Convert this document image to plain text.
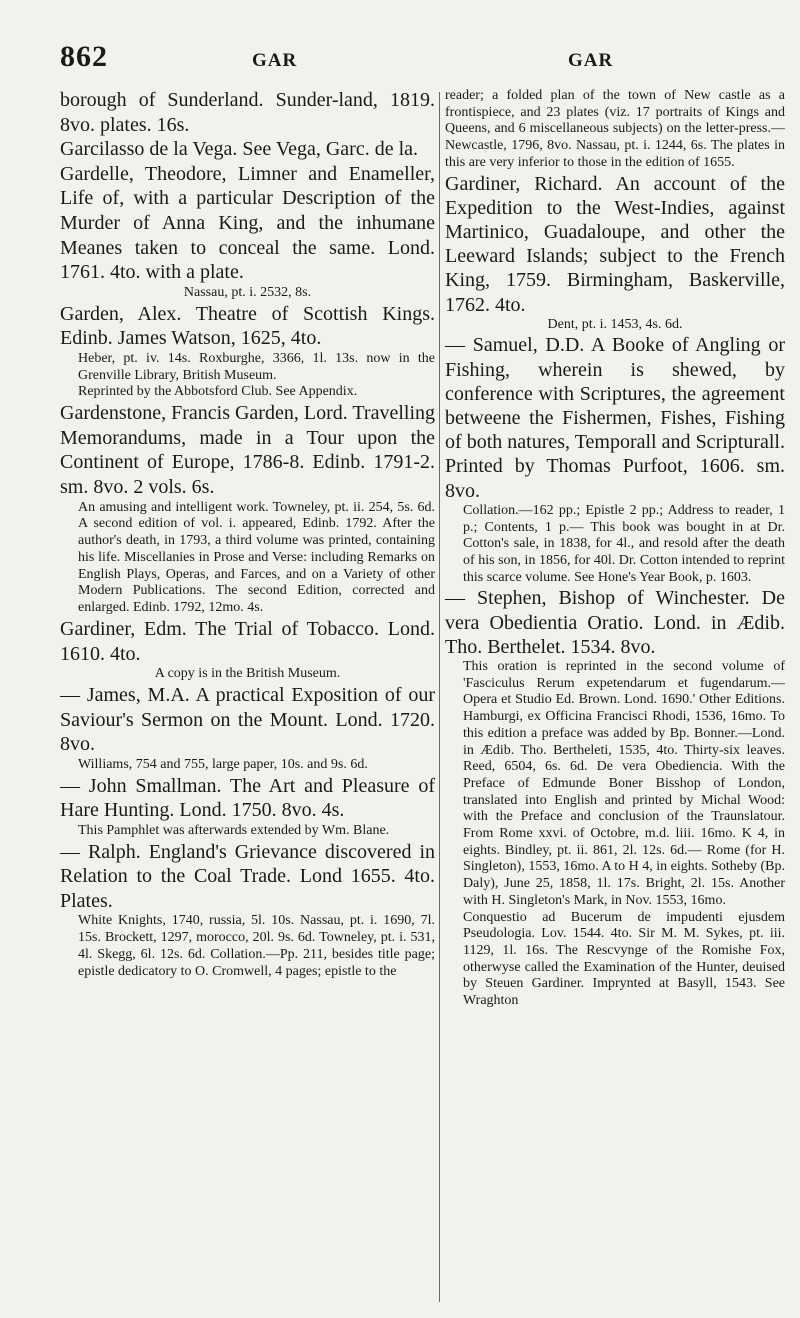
862	GAR	GAR

borough of Sunderland. Sunder-land, 1819. 8vo. plates. 16s.

Garcilasso de la Vega. See Vega, Garc. de la.

Gardelle, Theodore, Limner and Enameller, Life of, with a particular Description of the Murder of Anna King, and the inhumane Meanes taken to conceal the same. Lond. 1761. 4to. with a plate.

Nassau, pt. i. 2532, 8s.

Garden, Alex. Theatre of Scottish Kings. Edinb. James Watson, 1625, 4to.

Heber, pt. iv. 14s. Roxburghe, 3366, 1l. 13s. now in the Grenville Library, British Museum.

Reprinted by the Abbotsford Club. See Appendix.

Gardenstone, Francis Garden, Lord. Travelling Memorandums, made in a Tour upon the Continent of Europe, 1786-8. Edinb. 1791-2. sm. 8vo. 2 vols. 6s.

An amusing and intelligent work. Towneley, pt. ii. 254, 5s. 6d. A second edition of vol. i. appeared, Edinb. 1792. After the author's death, in 1793, a third volume was printed, containing his life. Miscellanies in Prose and Verse: including Remarks on English Plays, Operas, and Farces, and on a Variety of other Modern Publications. The second Edition, corrected and enlarged. Edinb. 1792, 12mo. 4s.

Gardiner, Edm. The Trial of Tobacco. Lond. 1610. 4to.

A copy is in the British Museum.

— James, M.A. A practical Exposition of our Saviour's Sermon on the Mount. Lond. 1720. 8vo.

Williams, 754 and 755, large paper, 10s. and 9s. 6d.

— John Smallman. The Art and Pleasure of Hare Hunting. Lond. 1750. 8vo. 4s.

This Pamphlet was afterwards extended by Wm. Blane.

— Ralph. England's Grievance discovered in Relation to the Coal Trade. Lond 1655. 4to. Plates.

White Knights, 1740, russia, 5l. 10s. Nassau, pt. i. 1690, 7l. 15s. Brockett, 1297, morocco, 20l. 9s. 6d. Towneley, pt. i. 531, 4l. Skegg, 6l. 12s. 6d. Collation.—Pp. 211, besides title page; epistle dedicatory to O. Cromwell, 4 pages; epistle to the

reader; a folded plan of the town of New castle as a frontispiece, and 23 plates (viz. 17 portraits of Kings and Queens, and 6 miscellaneous subjects) on the letter-press.—Newcastle, 1796, 8vo. Nassau, pt. i. 1244, 6s. The plates in this are very inferior to those in the edition of 1655.

Gardiner, Richard. An account of the Expedition to the West-Indies, against Martinico, Guadaloupe, and other the Leeward Islands; subject to the French King, 1759. Birmingham, Baskerville, 1762. 4to.

Dent, pt. i. 1453, 4s. 6d.

— Samuel, D.D. A Booke of Angling or Fishing, wherein is shewed, by conference with Scriptures, the agreement betweene the Fishermen, Fishes, Fishing of both natures, Temporall and Scripturall. Printed by Thomas Purfoot, 1606. sm. 8vo.

Collation.—162 pp.; Epistle 2 pp.; Address to reader, 1 p.; Contents, 1 p.— This book was bought in at Dr. Cotton's sale, in 1838, for 4l., and resold after the death of his son, in 1856, for 40l. Dr. Cotton intended to reprint this scarce volume. See Hone's Year Book, p. 1603.

— Stephen, Bishop of Winchester. De vera Obedientia Oratio. Lond. in Ædib. Tho. Berthelet. 1534. 8vo.

This oration is reprinted in the second volume of 'Fasciculus Rerum expetendarum et fugendarum.—Opera et Studio Ed. Brown. Lond. 1690.' Other Editions. Hamburgi, ex Officina Francisci Rhodi, 1536, 16mo. To this edition a preface was added by Bp. Bonner.—Lond. in Ædib. Tho. Bertheleti, 1535, 4to. Thirty-six leaves. Reed, 6504, 6s. 6d. De vera Obediencia. With the Preface of Edmunde Boner Bisshop of London, translated into English and printed by Michal Wood: with the Preface and conclusion of the Traunslatour. From Rome xxvi. of Octobre, m.d. liii. 16mo. K 4, in eights. Bindley, pt. ii. 861, 2l. 12s. 6d.— Rome (for H. Singleton), 1553, 16mo. A to H 4, in eights. Sotheby (Bp. Daly), June 25, 1858, 1l. 17s. Bright, 2l. 15s. Another with H. Singleton's Mark, in Nov. 1553, 16mo.

Conquestio ad Bucerum de impudenti ejusdem Pseudologia. Lov. 1544. 4to. Sir M. M. Sykes, pt. iii. 1129, 1l. 16s. The Rescvynge of the Romishe Fox, otherwyse called the Examination of the Hunter, deuised by Steuen Gardiner. Imprynted at Basyll, 1543. See Wraghton
